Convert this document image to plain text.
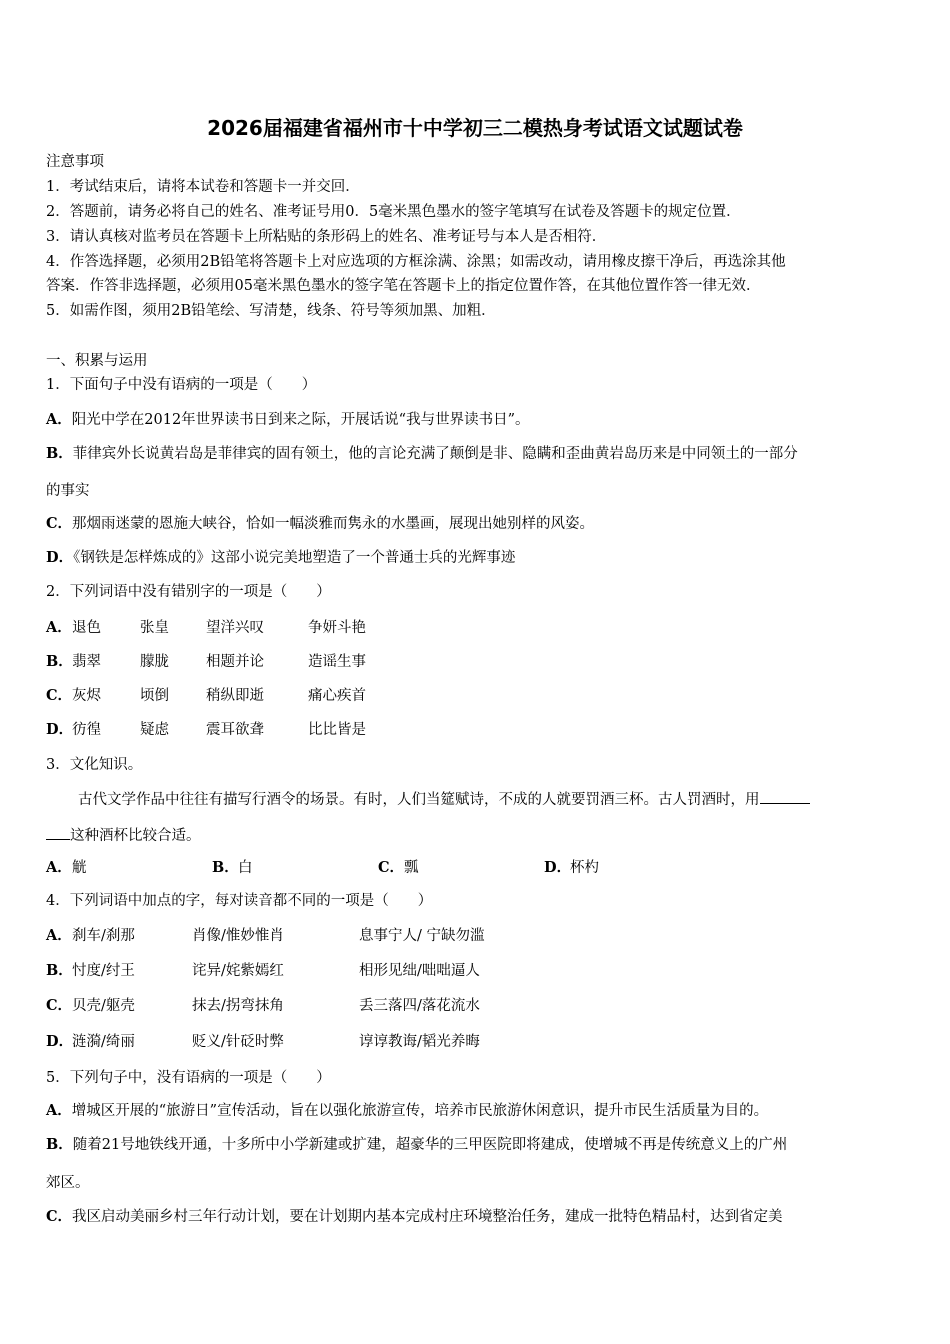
2026届福建省福州市十中学初三二模热身考试语文试题试卷
注意事项
1．考试结束后，请将本试卷和答题卡一并交回．
2．答题前，请务必将自己的姓名、准考证号用0．5毫米黑色墨水的签字笔填写在试卷及答题卡的规定位置．
3．请认真核对监考员在答题卡上所粘贴的条形码上的姓名、准考证号与本人是否相符．
4．作答选择题，必须用2B铅笔将答题卡上对应选项的方框涂满、涂黑；如需改动，请用橡皮擦干净后，再选涂其他
答案．作答非选择题，必须用05毫米黑色墨水的签字笔在答题卡上的指定位置作答，在其他位置作答一律无效．
5．如需作图，须用2B铅笔绘、写清楚，线条、符号等须加黑、加粗．
一、积累与运用
1．下面句子中没有语病的一项是（　　）
A．阳光中学在2012年世界读书日到来之际，开展话说“我与世界读书日”。
B．菲律宾外长说黄岩岛是菲律宾的固有领土，他的言论充满了颠倒是非、隐瞒和歪曲黄岩岛历来是中同领土的一部分
的事实
C．那烟雨迷蒙的恩施大峡谷，恰如一幅淡雅而隽永的水墨画，展现出她别样的风姿。
D．《钢铁是怎样炼成的》这部小说完美地塑造了一个普通士兵的光辉事迹
2．下列词语中没有错别字的一项是（　　）
A．退色	张皇	望洋兴叹	争妍斗艳
B．翡翠	朦胧	相题并论	造谣生事
C．灰烬	顷倒	稍纵即逝	痛心疾首
D．彷徨	疑虑	震耳欲聋	比比皆是
3．文化知识。
古代文学作品中往往有描写行酒令的场景。有时，人们当筵赋诗，不成的人就要罚酒三杯。古人罚酒时，用
这种酒杯比较合适。
A．觥	B．白	C．瓢	D．杯杓
4．下列词语中加点的字，每对读音都不同的一项是（　　）
A．刹车/刹那	肖像/惟妙惟肖	息事宁人/ 宁缺勿滥
B．忖度/纣王	诧异/姹紫嫣红	相形见绌/咄咄逼人
C．贝壳/躯壳	抹去/拐弯抹角	丢三落四/落花流水
D．涟漪/绮丽	贬义/针砭时弊	谆谆教诲/韬光养晦
5．下列句子中，没有语病的一项是（　　）
A．增城区开展的“旅游日”宣传活动，旨在以强化旅游宣传，培养市民旅游休闲意识，提升市民生活质量为目的。
B．随着21号地铁线开通，十多所中小学新建或扩建，超豪华的三甲医院即将建成，使增城不再是传统意义上的广州
郊区。
C．我区启动美丽乡村三年行动计划，要在计划期内基本完成村庄环境整治任务，建成一批特色精品村，达到省定美
